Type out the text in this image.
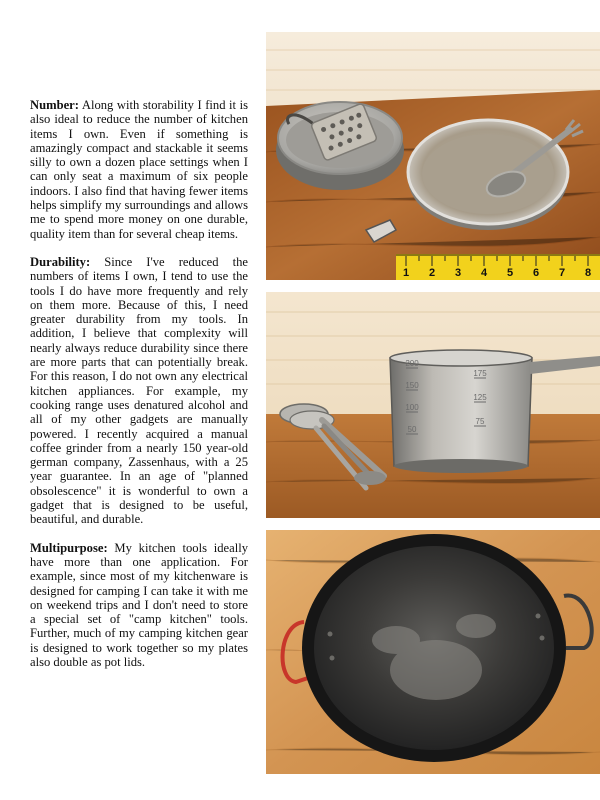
Number: Along with storability I find it is also ideal to reduce the number of kitchen items I own. Even if something is amazingly compact and stackable it seems silly to own a dozen place settings when I can only seat a maximum of six people indoors. I also find that having fewer items helps simplify my surroundings and allows me to spend more money on one durable, quality item than for several cheap items.

Durability: Since I've reduced the numbers of items I own, I tend to use the tools I do have more frequently and rely on them more. Because of this, I need greater durability from my tools. In addition, I believe that complexity will nearly always reduce durability since there are more parts that can potentially break. For this reason, I do not own any electrical kitchen appliances. For example, my cooking range uses denatured alcohol and all of my other gadgets are manually powered. I recently acquired a manual coffee grinder from a nearly 150 year-old german company, Zassenhaus, with a 25 year guarantee. In an age of "planned obsolescence" it is wonderful to own a gadget that is designed to be useful, beautiful, and durable.

Multipurpose: My kitchen tools ideally have more than one application. For example, since most of my kitchenware is designed for camping I can take it with me on weekend trips and I don't need to store a special set of "camp kitchen" tools. Further, much of my camping kitchen gear is designed to work together so my plates also double as pot lids.

1 2 3 4 5 6 7 8
200
175
150
125
100
75
50
